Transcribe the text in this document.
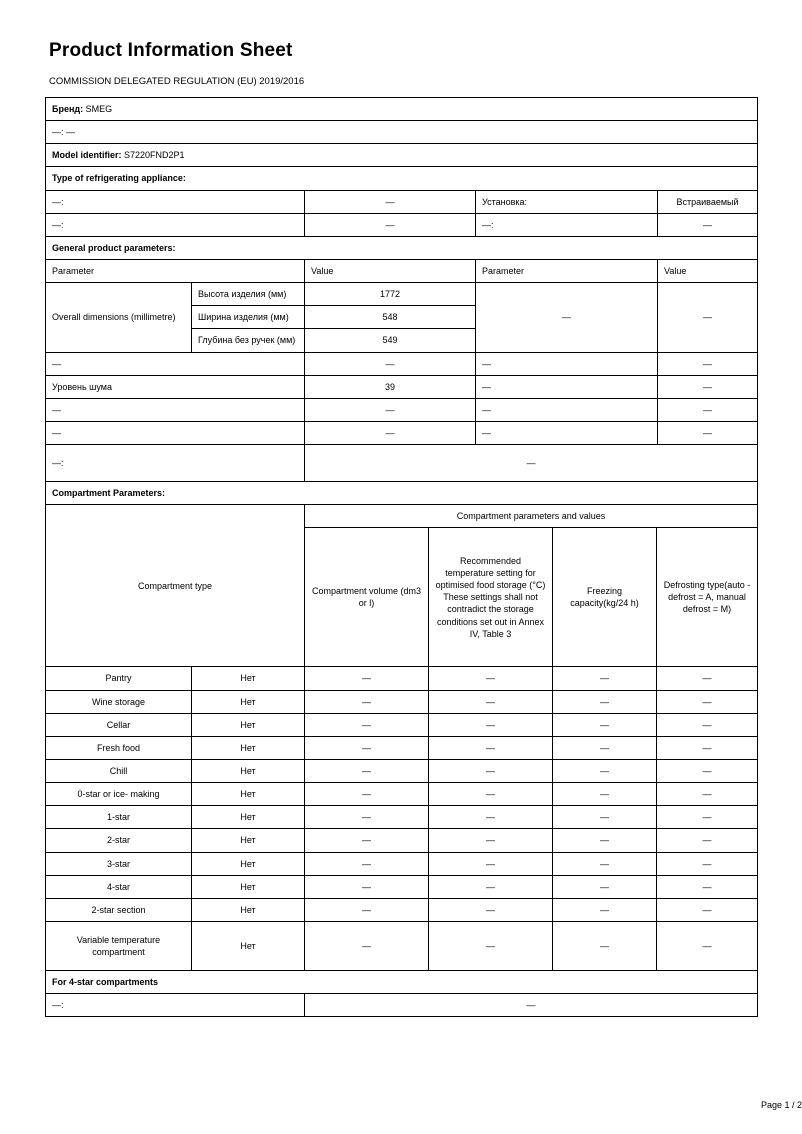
Product Information Sheet
COMMISSION DELEGATED REGULATION (EU) 2019/2016
Бренд: SMEG				
—: —				
Model identifier: S7220FND2P1				
Type of refrigerating appliance:				
—:		—	Установка:	Встраиваемый
—:		—	—:	—
General product parameters:				
Parameter		Value	Parameter	Value
Overall dimensions (millimetre)	Высота изделия (мм)	1772	—	—
	Ширина изделия (мм)	548		
	Глубина без ручек (мм)	549		
—		—	—	—
Уровень шума		39	—	—
—		—	—	—
—		—	—	—
—:		—		
Compartment Parameters:				
Compartment type		Compartment parameters and values			
		Compartment volume (dm3 or l)	Recommended temperature setting for optimised food storage (°C) These settings shall not contradict the storage conditions set out in Annex IV, Table 3	Freezing capacity(kg/24 h)	Defrosting type(auto - defrost = A, manual defrost = M)
Pantry	Нет	—	—	—	—
Wine storage	Нет	—	—	—	—
Cellar	Нет	—	—	—	—
Fresh food	Нет	—	—	—	—
Chill	Нет	—	—	—	—
0-star or ice- making	Нет	—	—	—	—
1-star	Нет	—	—	—	—
2-star	Нет	—	—	—	—
3-star	Нет	—	—	—	—
4-star	Нет	—	—	—	—
2-star section	Нет	—	—	—	—
Variable temperature compartment	Нет	—	—	—	—
For 4-star compartments					
—:		—			
Page 1 / 2
